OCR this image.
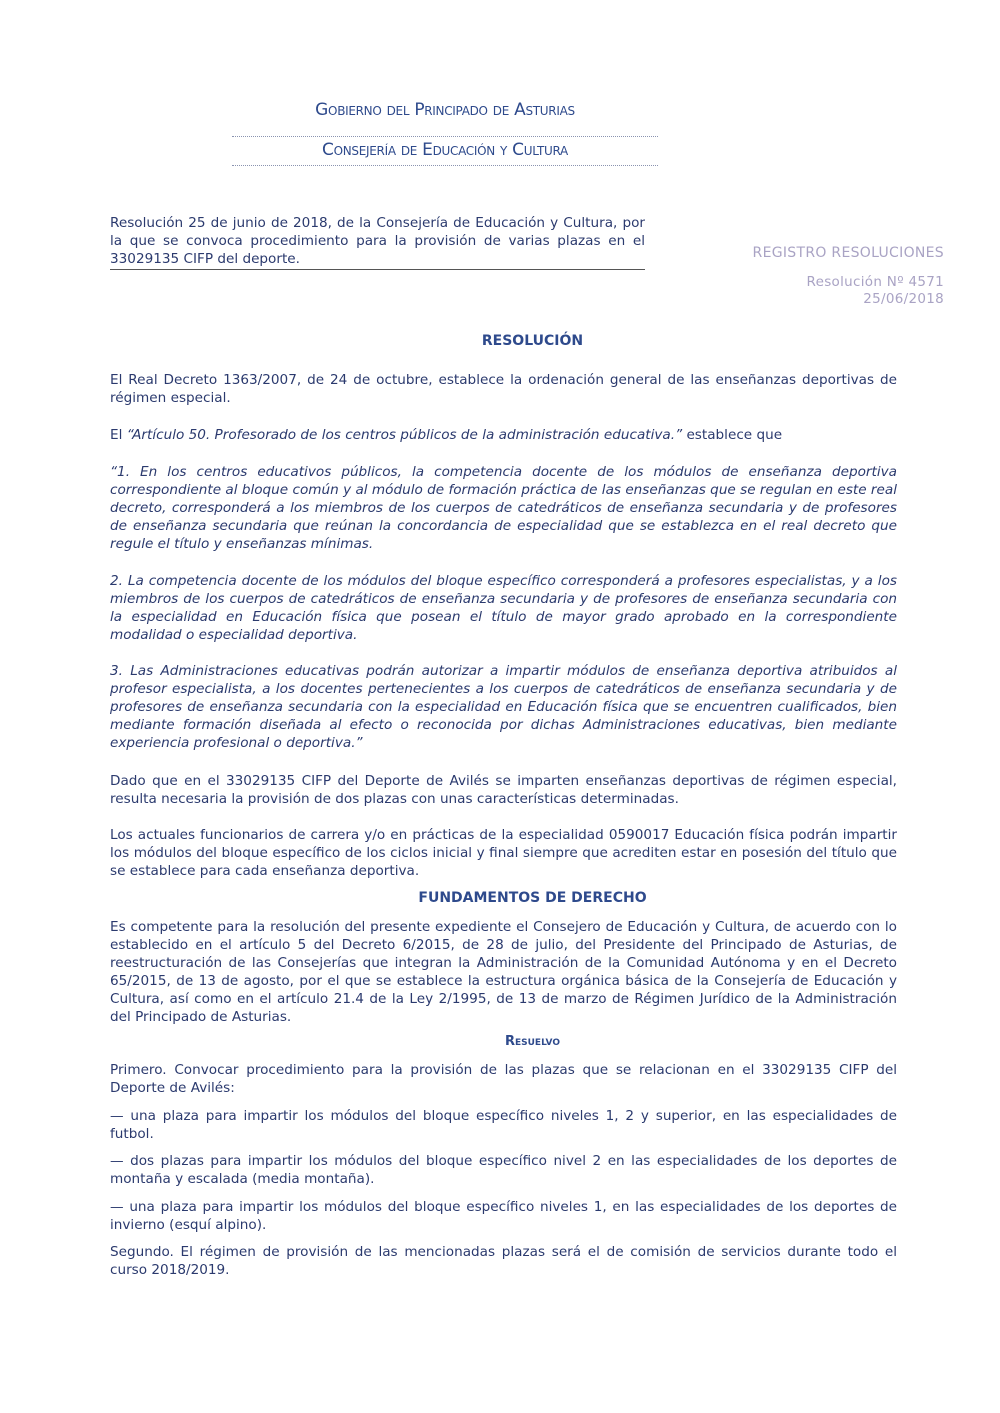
Gobierno del Principado de Asturias
Consejería de Educación y Cultura
Resolución 25 de junio de 2018, de la Consejería de Educación y Cultura, por la que se convoca procedimiento para la provisión de varias plazas en el 33029135 CIFP del deporte.	REGISTRO RESOLUCIONES
Resolución Nº 4571
25/06/2018
RESOLUCIÓN
El Real Decreto 1363/2007, de 24 de octubre, establece la ordenación general de las enseñanzas deportivas de régimen especial.
El “Artículo 50. Profesorado de los centros públicos de la administración educativa.” establece que
“1. En los centros educativos públicos, la competencia docente de los módulos de enseñanza deportiva correspondiente al bloque común y al módulo de formación práctica de las enseñanzas que se regulan en este real decreto, corresponderá a los miembros de los cuerpos de catedráticos de enseñanza secundaria y de profesores de enseñanza secundaria que reúnan la concordancia de especialidad que se establezca en el real decreto que regule el título y enseñanzas mínimas.
2. La competencia docente de los módulos del bloque específico corresponderá a profesores especialistas, y a los miembros de los cuerpos de catedráticos de enseñanza secundaria y de profesores de enseñanza secundaria con la especialidad en Educación física que posean el título de mayor grado aprobado en la correspondiente modalidad o especialidad deportiva.
3. Las Administraciones educativas podrán autorizar a impartir módulos de enseñanza deportiva atribuidos al profesor especialista, a los docentes pertenecientes a los cuerpos de catedráticos de enseñanza secundaria y de profesores de enseñanza secundaria con la especialidad en Educación física que se encuentren cualificados, bien mediante formación diseñada al efecto o reconocida por dichas Administraciones educativas, bien mediante experiencia profesional o deportiva.”
Dado que en el 33029135 CIFP del Deporte de Avilés se imparten enseñanzas deportivas de régimen especial, resulta necesaria la provisión de dos plazas con unas características determinadas.
Los actuales funcionarios de carrera y/o en prácticas de la especialidad 0590017 Educación física podrán impartir los módulos del bloque específico de los ciclos inicial y final siempre que acrediten estar en posesión del título que se establece para cada enseñanza deportiva.
FUNDAMENTOS DE DERECHO
Es competente para la resolución del presente expediente el Consejero de Educación y Cultura, de acuerdo con lo establecido en el artículo 5 del Decreto 6/2015, de 28 de julio, del Presidente del Principado de Asturias, de reestructuración de las Consejerías que integran la Administración de la Comunidad Autónoma y en el Decreto 65/2015, de 13 de agosto, por el que se establece la estructura orgánica básica de la Consejería de Educación y Cultura, así como en el artículo 21.4 de la Ley 2/1995, de 13 de marzo de Régimen Jurídico de la Administración del Principado de Asturias.
Resuelvo
Primero. Convocar procedimiento para la provisión de las plazas que se relacionan en el 33029135 CIFP del Deporte de Avilés:
— una plaza para impartir los módulos del bloque específico niveles 1, 2 y superior, en las especialidades de futbol.
— dos plazas para impartir los módulos del bloque específico nivel 2 en las especialidades de los deportes de montaña y escalada (media montaña).
— una plaza para impartir los módulos del bloque específico niveles 1, en las especialidades de los deportes de invierno (esquí alpino).
Segundo. El régimen de provisión de las mencionadas plazas será el de comisión de servicios durante todo el curso 2018/2019.
